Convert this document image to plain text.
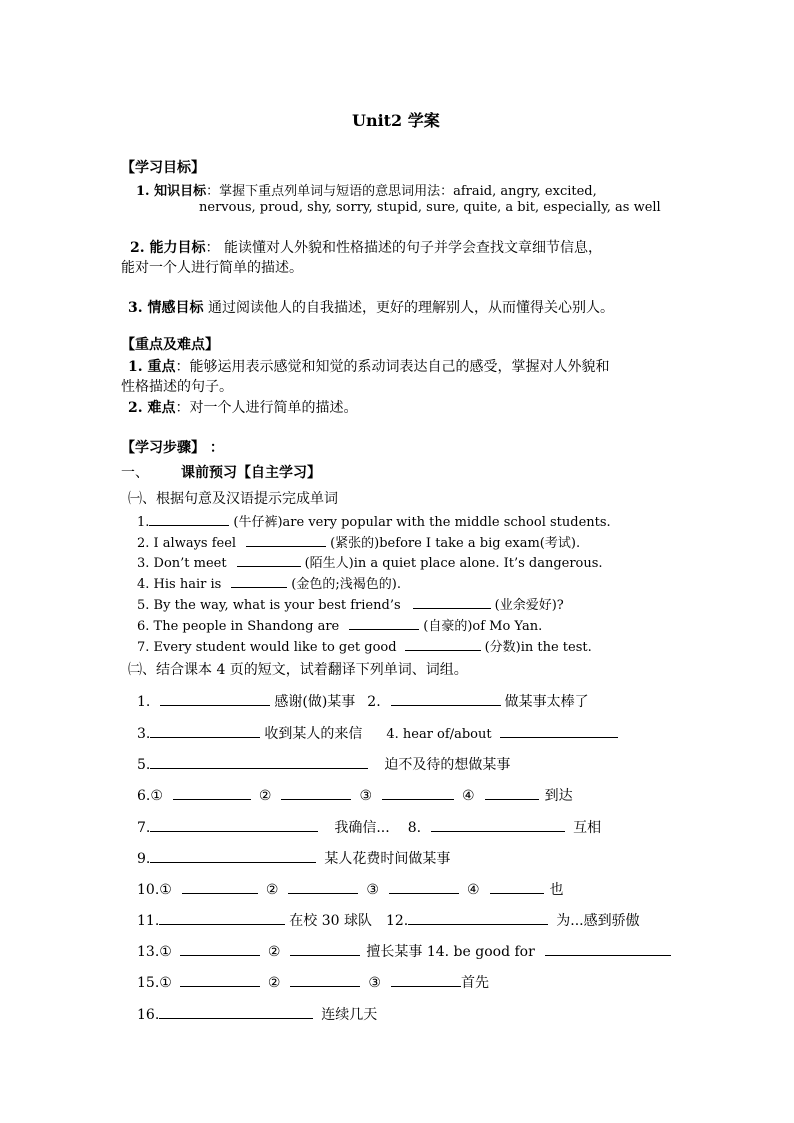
Unit2 学案
【学习目标】
1. 知识目标：掌握下重点列单词与短语的意思词用法：afraid, angry, excited,
nervous, proud, shy, sorry, stupid, sure, quite, a bit, especially, as well
2. 能力目标： 能读懂对人外貌和性格描述的句子并学会查找文章细节信息，
能对一个人进行简单的描述。
3. 情感目标 通过阅读他人的自我描述，更好的理解别人，从而懂得关心别人。
【重点及难点】
1. 重点：能够运用表示感觉和知觉的系动词表达自己的感受，掌握对人外貌和
性格描述的句子。
2. 难点：对一个人进行简单的描述。
【学习步骤】 ：
一、 课前预习【自主学习】
㈠、根据句意及汉语提示完成单词
1.	(牛仔裤)are very popular with the middle school students.
2. I always feel	(紧张的)before I take a big exam(考试).
3. Don’t meet	(陌生人)in a quiet place alone. It’s dangerous.
4. His hair is	(金色的;浅褐色的).
5. By the way, what is your best friend’s	(业余爱好)?
6. The people in Shandong are	(自豪的)of Mo Yan.
7. Every student would like to get good	(分数)in the test.
㈡、结合课本 4 页的短文，试着翻译下列单词、词组。
1.	感谢(做)某事 2.	做某事太棒了
3.	收到某人的来信 4. hear of/about
5.	迫不及待的想做某事
6.①	②	③	④	到达
7.	我确信... 8.	互相
9.	某人花费时间做某事
10.①	②	③	④	也
11.	在校 30 球队 12.	为...感到骄傲
13.①	②	擅长某事 14. be good for
15.①	②	③	首先
16.	连续几天
